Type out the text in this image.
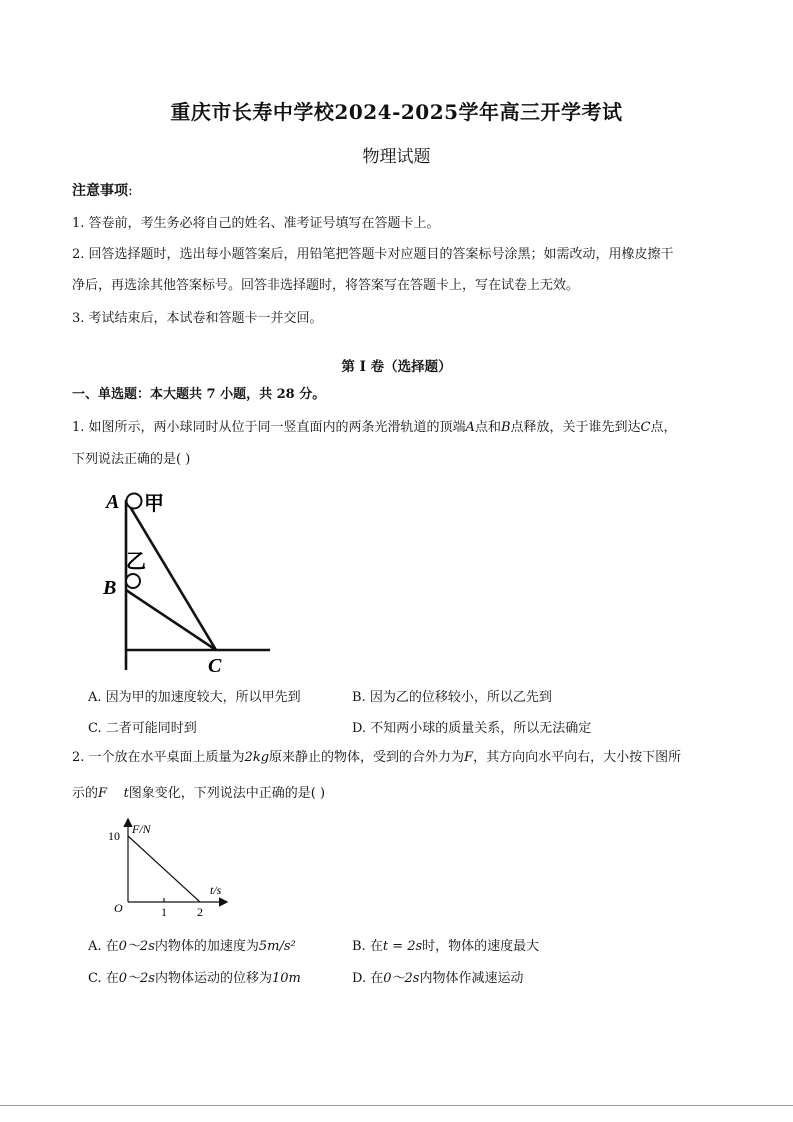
重庆市长寿中学校2024-2025学年高三开学考试
物理试题
注意事项:
1. 答卷前，考生务必将自己的姓名、准考证号填写在答题卡上。
2. 回答选择题时，选出每小题答案后，用铅笔把答题卡对应题目的答案标号涂黑；如需改动，用橡皮擦干
净后，再选涂其他答案标号。回答非选择题时，将答案写在答题卡上，写在试卷上无效。
3. 考试结束后，本试卷和答题卡一并交回。
第 I 卷（选择题）
一、单选题：本大题共 7 小题，共 28 分。
1. 如图所示，两小球同时从位于同一竖直面内的两条光滑轨道的顶端A点和B点释放，关于谁先到达C点，
下列说法正确的是( )
A 甲
乙
B
C
A. 因为甲的加速度较大，所以甲先到	B. 因为乙的位移较小，所以乙先到
C. 二者可能同时到	D. 不知两小球的质量关系，所以无法确定
2. 一个放在水平桌面上质量为2kg原来静止的物体，受到的合外力为F，其方向向水平向右，大小按下图所
示的F    t图象变化，下列说法中正确的是( )
F/N
t/s
O
10
1	2
A. 在0～2s内物体的加速度为5m/s²	B. 在t = 2s时，物体的速度最大
C. 在0～2s内物体运动的位移为10m	D. 在0～2s内物体作减速运动
